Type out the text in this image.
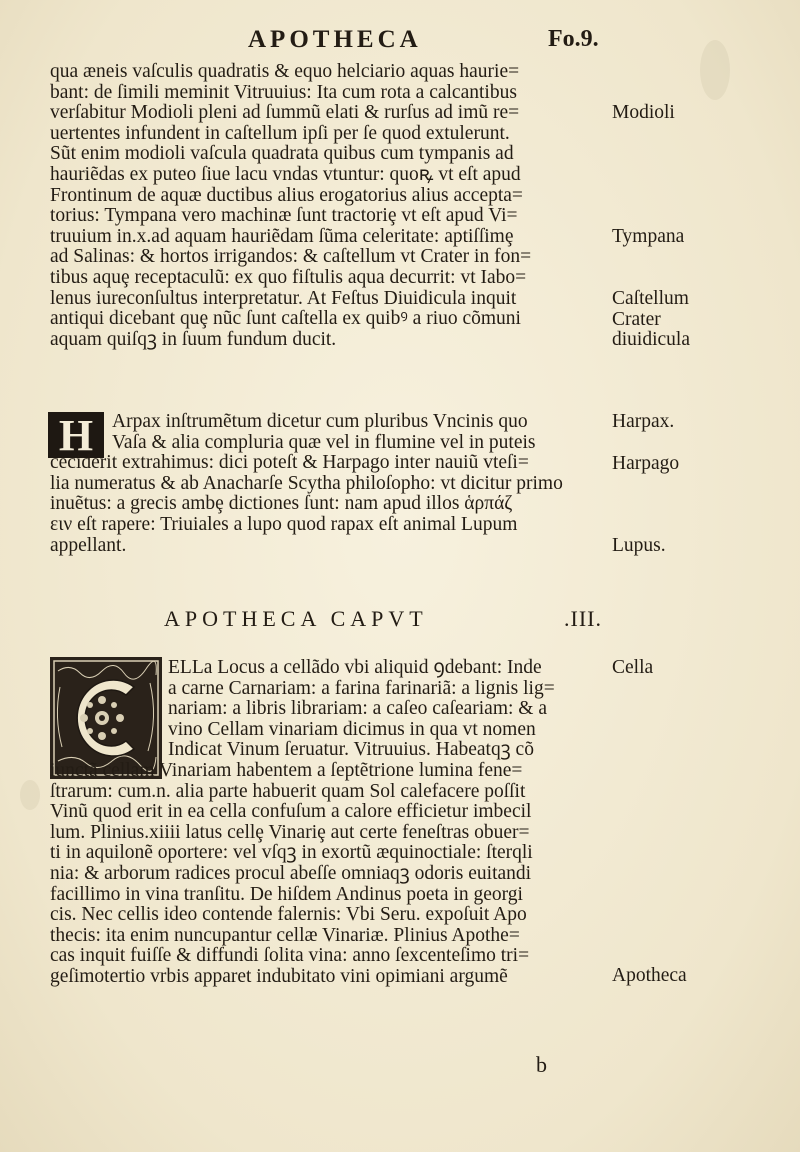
APOTHECA	Fo.9.
qua æneis vaſculis quadratis & equo helciario aquas haurie=
bant: de ſimili meminit Vitruuius: Ita cum rota a calcantibus
verſabitur Modioli pleni ad ſummũ elati & rurſus ad imũ re=
uertentes infundent in caſtellum ipſi per ſe quod extulerunt.
Sũt enim modioli vaſcula quadrata quibus cum tympanis ad
hauriẽdas ex puteo ſiue lacu vndas vtuntur: quoꝶ vt eſt apud
Frontinum de aquæ ductibus alius erogatorius alius accepta=
torius: Tympana vero machinæ ſunt tractoriȩ vt eſt apud Vi=
truuium in.x.ad aquam hauriẽdam ſũma celeritate: aptiſſimȩ
ad Salinas: & hortos irrigandos: & caſtellum vt Crater in fon=
tibus aquȩ receptaculũ: ex quo fiſtulis aqua decurrit: vt Iabo=
lenus iureconſultus interpretatur. At Feſtus Diuidicula inquit
antiqui dicebant quȩ nũc ſunt caſtella ex quibꝰ a riuo cõmuni
aquam quiſqꝫ in ſuum fundum ducit.
Modioli
Tympana
Caſtellum
Crater
diuidicula
H Arpax inſtrumẽtum dicetur cum pluribus Vncinis quo
Vaſa & alia compluria quæ vel in flumine vel in puteis
ceciderit extrahimus: dici poteſt & Harpago inter nauiũ vteſi=
lia numeratus & ab Anacharſe Scytha philoſopho: vt dicitur primo
inuẽtus: a grecis ambȩ dictiones ſunt: nam apud illos ἁρπάζ
ειν eſt rapere: Triuiales a lupo quod rapax eſt animal Lupum
appellant.
Harpax.
Harpago
Lupus.
APOTHECA CAPVT	.III.
ELLa Locus a cellãdo vbi aliquid ꝯdebant: Inde
a carne Carnariam: a farina farinariã: a lignis lig=
nariam: a libris librariam: a caſeo caſeariam: & a
vino Cellam vinariam dicimus in qua vt nomen
Indicat Vinum ſeruatur. Vitruuius. Habeatqꝫ cõ
iunctã cellam Vinariam habentem a ſeptẽtrione lumina fene=
ſtrarum: cum.n. alia parte habuerit quam Sol calefacere poſſit
Vinũ quod erit in ea cella confuſum a calore efficietur imbecil
lum. Plinius.xiiii latus cellȩ Vinariȩ aut certe feneſtras obuer=
ti in aquilonẽ oportere: vel vſqꝫ in exortũ æquinoctiale: ſterqli
nia: & arborum radices procul abeſſe omniaqꝫ odoris euitandi
facillimo in vina tranſitu. De hiſdem Andinus poeta in georgi
cis. Nec cellis ideo contende falernis: Vbi Seru. expoſuit Apo
thecis: ita enim nuncupantur cellæ Vinariæ. Plinius Apothe=
cas inquit fuiſſe & diffundi ſolita vina: anno ſexcenteſimo tri=
geſimotertio vrbis apparet indubitato vini opimiani argumẽ
Cella
Apotheca
b
